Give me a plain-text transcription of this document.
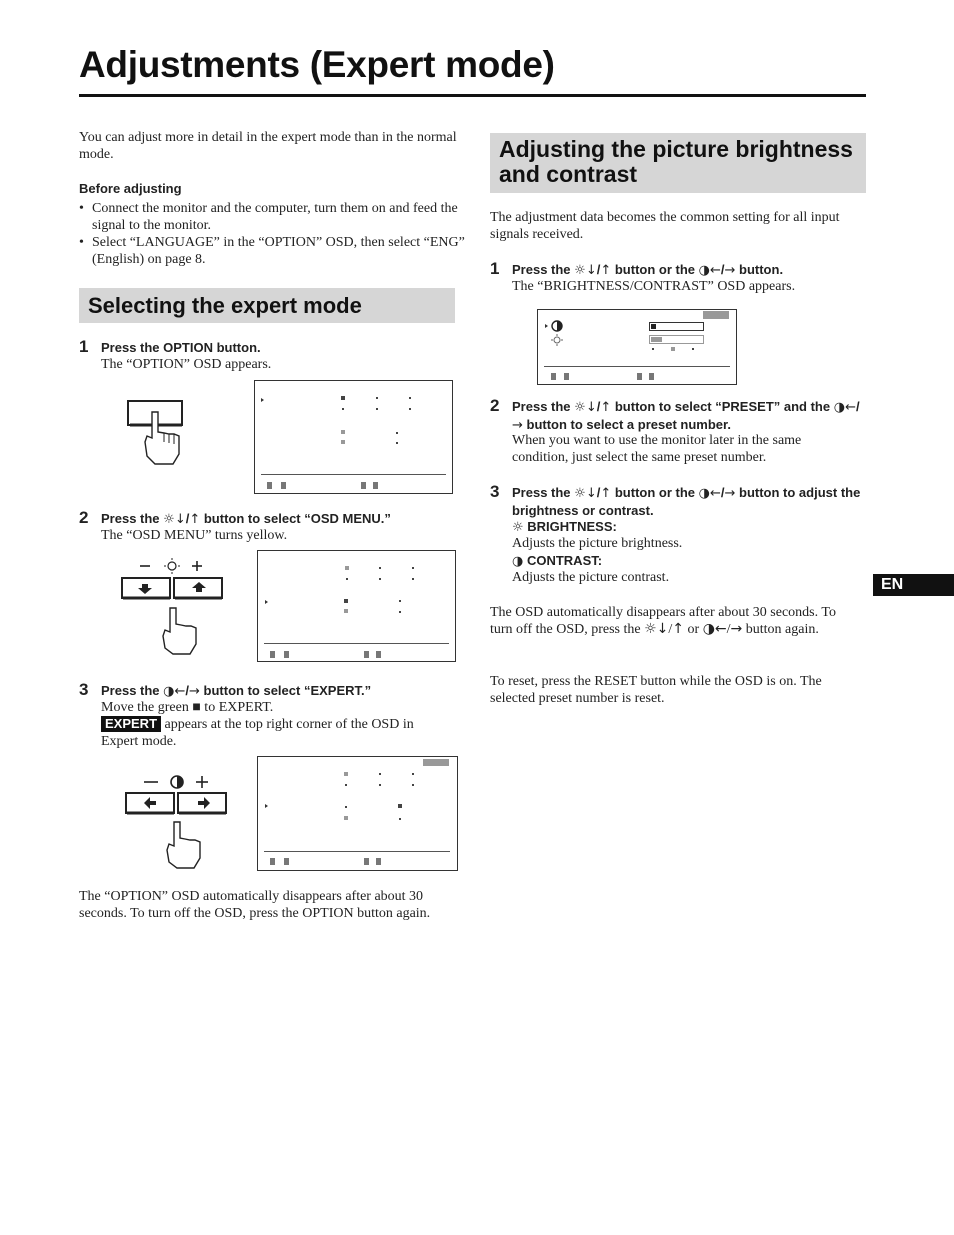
Adjustments (Expert mode)
You can adjust more in detail in the expert mode than in the normal mode.
Before adjusting
• Connect the monitor and the computer, turn them on and feed the signal to the monitor.
• Select “LANGUAGE” in the “OPTION” OSD, then select “ENG” (English) on page 8.
Selecting the expert mode
1 Press the OPTION button.
The “OPTION” OSD appears.
2 Press the ☼↓/↑ button to select “OSD MENU.”
The “OSD MENU” turns yellow.
3 Press the ◑←/→ button to select “EXPERT.”
Move the green ■ to EXPERT.
EXPERT appears at the top right corner of the OSD in Expert mode.
The “OPTION” OSD automatically disappears after about 30 seconds. To turn off the OSD, press the OPTION button again.
Adjusting the picture brightness and contrast
The adjustment data becomes the common setting for all input signals received.
1 Press the ☼↓/↑ button or the ◑←/→ button.
The “BRIGHTNESS/CONTRAST” OSD appears.
2 Press the ☼↓/↑ button to select “PRESET” and the ◑←/→ button to select a preset number.
When you want to use the monitor later in the same condition, just select the same preset number.
3 Press the ☼↓/↑ button or the ◑←/→ button to adjust the brightness or contrast.
☼ BRIGHTNESS:
Adjusts the picture brightness.
◑ CONTRAST:
Adjusts the picture contrast.
The OSD automatically disappears after about 30 seconds. To turn off the OSD, press the ☼↓/↑ or ◑←/→ button again.
To reset, press the RESET button while the OSD is on. The selected preset number is reset.
EN
